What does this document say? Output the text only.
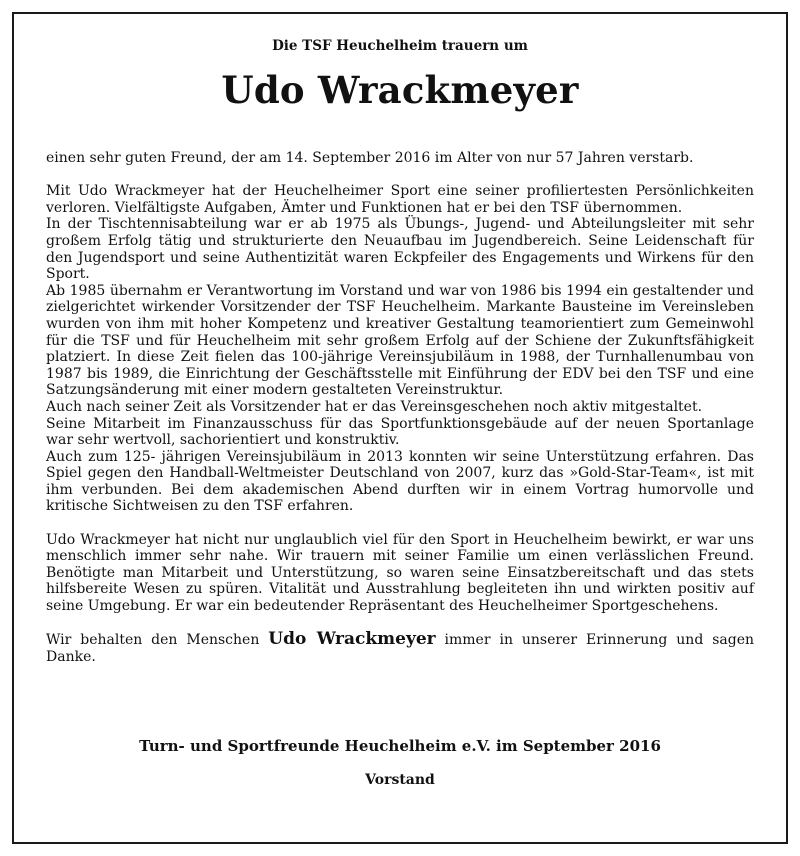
Die TSF Heuchelheim trauern um
Udo Wrackmeyer

einen sehr guten Freund, der am 14. September 2016 im Alter von nur 57 Jahren verstarb.

Mit Udo Wrackmeyer hat der Heuchelheimer Sport eine seiner profiliertesten Persönlichkeiten verloren. Vielfältigste Aufgaben, Ämter und Funktionen hat er bei den TSF übernommen.

In der Tischtennisabteilung war er ab 1975 als Übungs-, Jugend- und Abteilungsleiter mit sehr großem Erfolg tätig und strukturierte den Neuaufbau im Jugendbereich. Seine Leidenschaft für den Jugendsport und seine Authentizität waren Eckpfeiler des Engagements und Wirkens für den Sport.

Ab 1985 übernahm er Verantwortung im Vorstand und war von 1986 bis 1994 ein gestaltender und zielgerichtet wirkender Vorsitzender der TSF Heuchelheim. Markante Bausteine im Vereinsleben wurden von ihm mit hoher Kompetenz und kreativer Gestaltung teamorientiert zum Gemeinwohl für die TSF und für Heuchelheim mit sehr großem Erfolg auf der Schiene der Zukunftsfähigkeit platziert. In diese Zeit fielen das 100-jährige Vereinsjubiläum in 1988, der Turnhallenumbau von 1987 bis 1989, die Einrichtung der Geschäftsstelle mit Einführung der EDV bei den TSF und eine Satzungsänderung mit einer modern gestalteten Vereinstruktur.

Auch nach seiner Zeit als Vorsitzender hat er das Vereinsgeschehen noch aktiv mitgestaltet.

Seine Mitarbeit im Finanzausschuss für das Sportfunktionsgebäude auf der neuen Sportanlage war sehr wertvoll, sachorientiert und konstruktiv.

Auch zum 125- jährigen Vereinsjubiläum in 2013 konnten wir seine Unterstützung erfahren. Das Spiel gegen den Handball-Weltmeister Deutschland von 2007, kurz das »Gold-Star-Team«, ist mit ihm verbunden. Bei dem akademischen Abend durften wir in einem Vortrag humorvolle und kritische Sichtweisen zu den TSF erfahren.

Udo Wrackmeyer hat nicht nur unglaublich viel für den Sport in Heuchelheim bewirkt, er war uns menschlich immer sehr nahe. Wir trauern mit seiner Familie um einen verlässlichen Freund. Benötigte man Mitarbeit und Unterstützung, so waren seine Einsatzbereitschaft und das stets hilfsbereite Wesen zu spüren. Vitalität und Ausstrahlung begleiteten ihn und wirkten positiv auf seine Umgebung. Er war ein bedeutender Repräsentant des Heuchelheimer Sportgeschehens.

Wir behalten den Menschen Udo Wrackmeyer immer in unserer Erinnerung und sagen Danke.

Turn- und Sportfreunde Heuchelheim e.V. im September 2016
Vorstand
